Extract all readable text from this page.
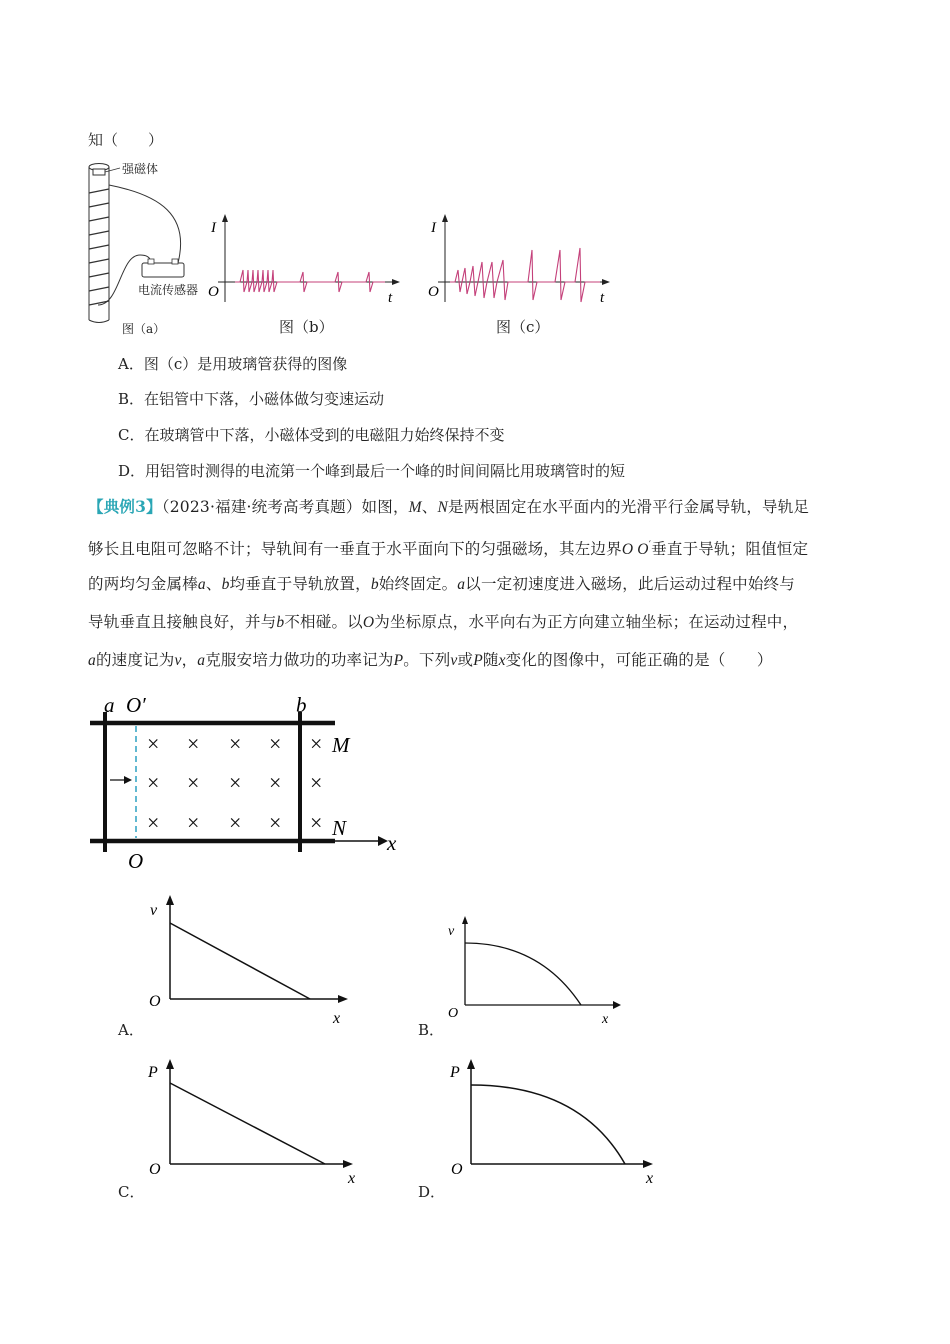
知（　　）
强磁体
电流传感器
图（a）
I
O	t
图（b）
I
O	t
图（c）
A．图（c）是用玻璃管获得的图像
B．在铝管中下落，小磁体做匀变速运动
C．在玻璃管中下落，小磁体受到的电磁阻力始终保持不变
D．用铝管时测得的电流第一个峰到最后一个峰的时间间隔比用玻璃管时的短
【典例3】（2023·福建·统考高考真题）如图，M、N是两根固定在水平面内的光滑平行金属导轨，导轨足
够长且电阻可忽略不计；导轨间有一垂直于水平面向下的匀强磁场，其左边界O O′垂直于导轨；阻值恒定
的两均匀金属棒a、b均垂直于导轨放置，b始终固定。a以一定初速度进入磁场，此后运动过程中始终与
导轨垂直且接触良好，并与b不相碰。以O为坐标原点，水平向右为正方向建立轴坐标；在运动过程中，
a的速度记为v，a克服安培力做功的功率记为P。下列v或P随x变化的图像中，可能正确的是（　　）
× × × × ×
× × × × ×
× × × × ×
a O′	b
M
N
O
x
v
O
x
A．
v
O	x
B．
P
O
x
C．
P
O
x
D．
